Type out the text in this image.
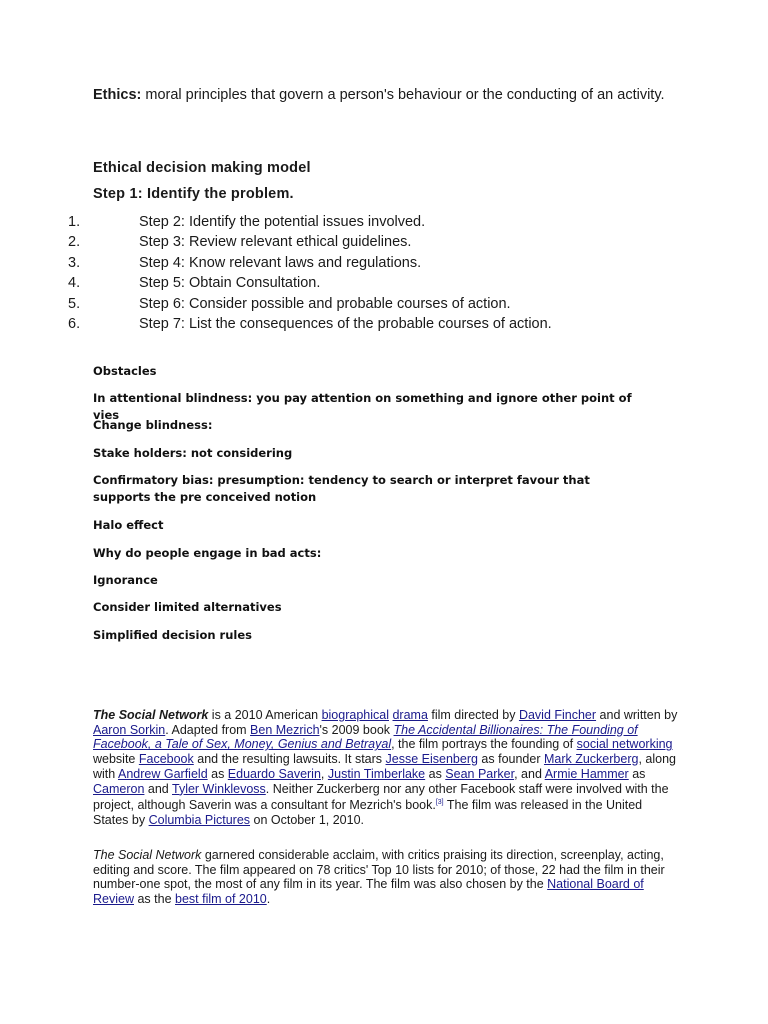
Ethics: moral principles that govern a person's behaviour or the conducting of an activity.
Ethical decision making model
Step 1: Identify the problem.
1.	Step 2: Identify the potential issues involved.
2.	Step 3: Review relevant ethical guidelines.
3.	Step 4: Know relevant laws and regulations.
4.	Step 5: Obtain Consultation.
5.	Step 6: Consider possible and probable courses of action.
6.	Step 7: List the consequences of the probable courses of action.
Obstacles
In attentional blindness: you pay attention on something and ignore other point of vies
Change blindness:
Stake holders: not considering
Confirmatory bias: presumption: tendency to search or interpret favour that supports the pre conceived notion
Halo effect
Why do people engage in bad acts:
Ignorance
Consider limited alternatives
Simplified decision rules
The Social Network is a 2010 American biographical drama film directed by David Fincher and written by Aaron Sorkin. Adapted from Ben Mezrich's 2009 book The Accidental Billionaires: The Founding of Facebook, a Tale of Sex, Money, Genius and Betrayal, the film portrays the founding of social networking website Facebook and the resulting lawsuits. It stars Jesse Eisenberg as founder Mark Zuckerberg, along with Andrew Garfield as Eduardo Saverin, Justin Timberlake as Sean Parker, and Armie Hammer as Cameron and Tyler Winklevoss. Neither Zuckerberg nor any other Facebook staff were involved with the project, although Saverin was a consultant for Mezrich's book.[3] The film was released in the United States by Columbia Pictures on October 1, 2010.
The Social Network garnered considerable acclaim, with critics praising its direction, screenplay, acting, editing and score. The film appeared on 78 critics' Top 10 lists for 2010; of those, 22 had the film in their number-one spot, the most of any film in its year. The film was also chosen by the National Board of Review as the best film of 2010.
